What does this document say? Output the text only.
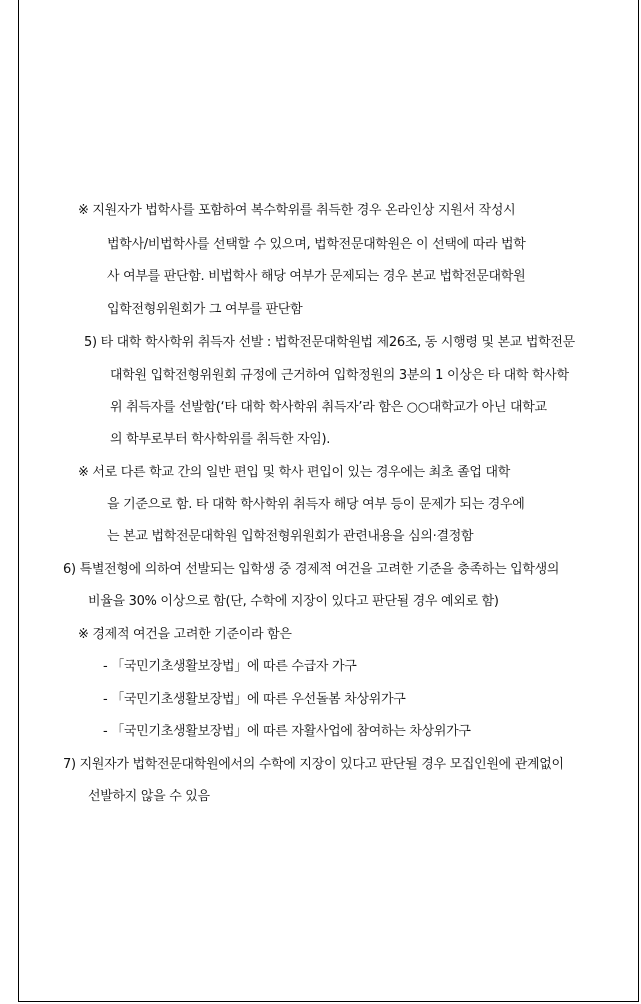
※ 지원자가 법학사를 포함하여 복수학위를 취득한 경우 온라인상 지원서 작성시
법학사/비법학사를 선택할 수 있으며, 법학전문대학원은 이 선택에 따라 법학
사 여부를 판단함. 비법학사 해당 여부가 문제되는 경우 본교 법학전문대학원
입학전형위원회가 그 여부를 판단함
5) 타 대학 학사학위 취득자 선발 : 법학전문대학원법 제26조, 동 시행령 및 본교 법학전문
대학원 입학전형위원회 규정에 근거하여 입학정원의 3분의 1 이상은 타 대학 학사학
위 취득자를 선발함(‘타 대학 학사학위 취득자’라 함은 ○○대학교가 아닌 대학교
의 학부로부터 학사학위를 취득한 자임).
※ 서로 다른 학교 간의 일반 편입 및 학사 편입이 있는 경우에는 최초 졸업 대학
을 기준으로 함. 타 대학 학사학위 취득자 해당 여부 등이 문제가 되는 경우에
는 본교 법학전문대학원 입학전형위원회가 관련내용을 심의·결정함
6) 특별전형에 의하여 선발되는 입학생 중 경제적 여건을 고려한 기준을 충족하는 입학생의
비율을 30% 이상으로 함(단, 수학에 지장이 있다고 판단될 경우 예외로 함)
※ 경제적 여건을 고려한 기준이라 함은
- 「국민기초생활보장법」에 따른 수급자 가구
- 「국민기초생활보장법」에 따른 우선돌봄 차상위가구
- 「국민기초생활보장법」에 따른 자활사업에 참여하는 차상위가구
7) 지원자가 법학전문대학원에서의 수학에 지장이 있다고 판단될 경우 모집인원에 관계없이
선발하지 않을 수 있음
